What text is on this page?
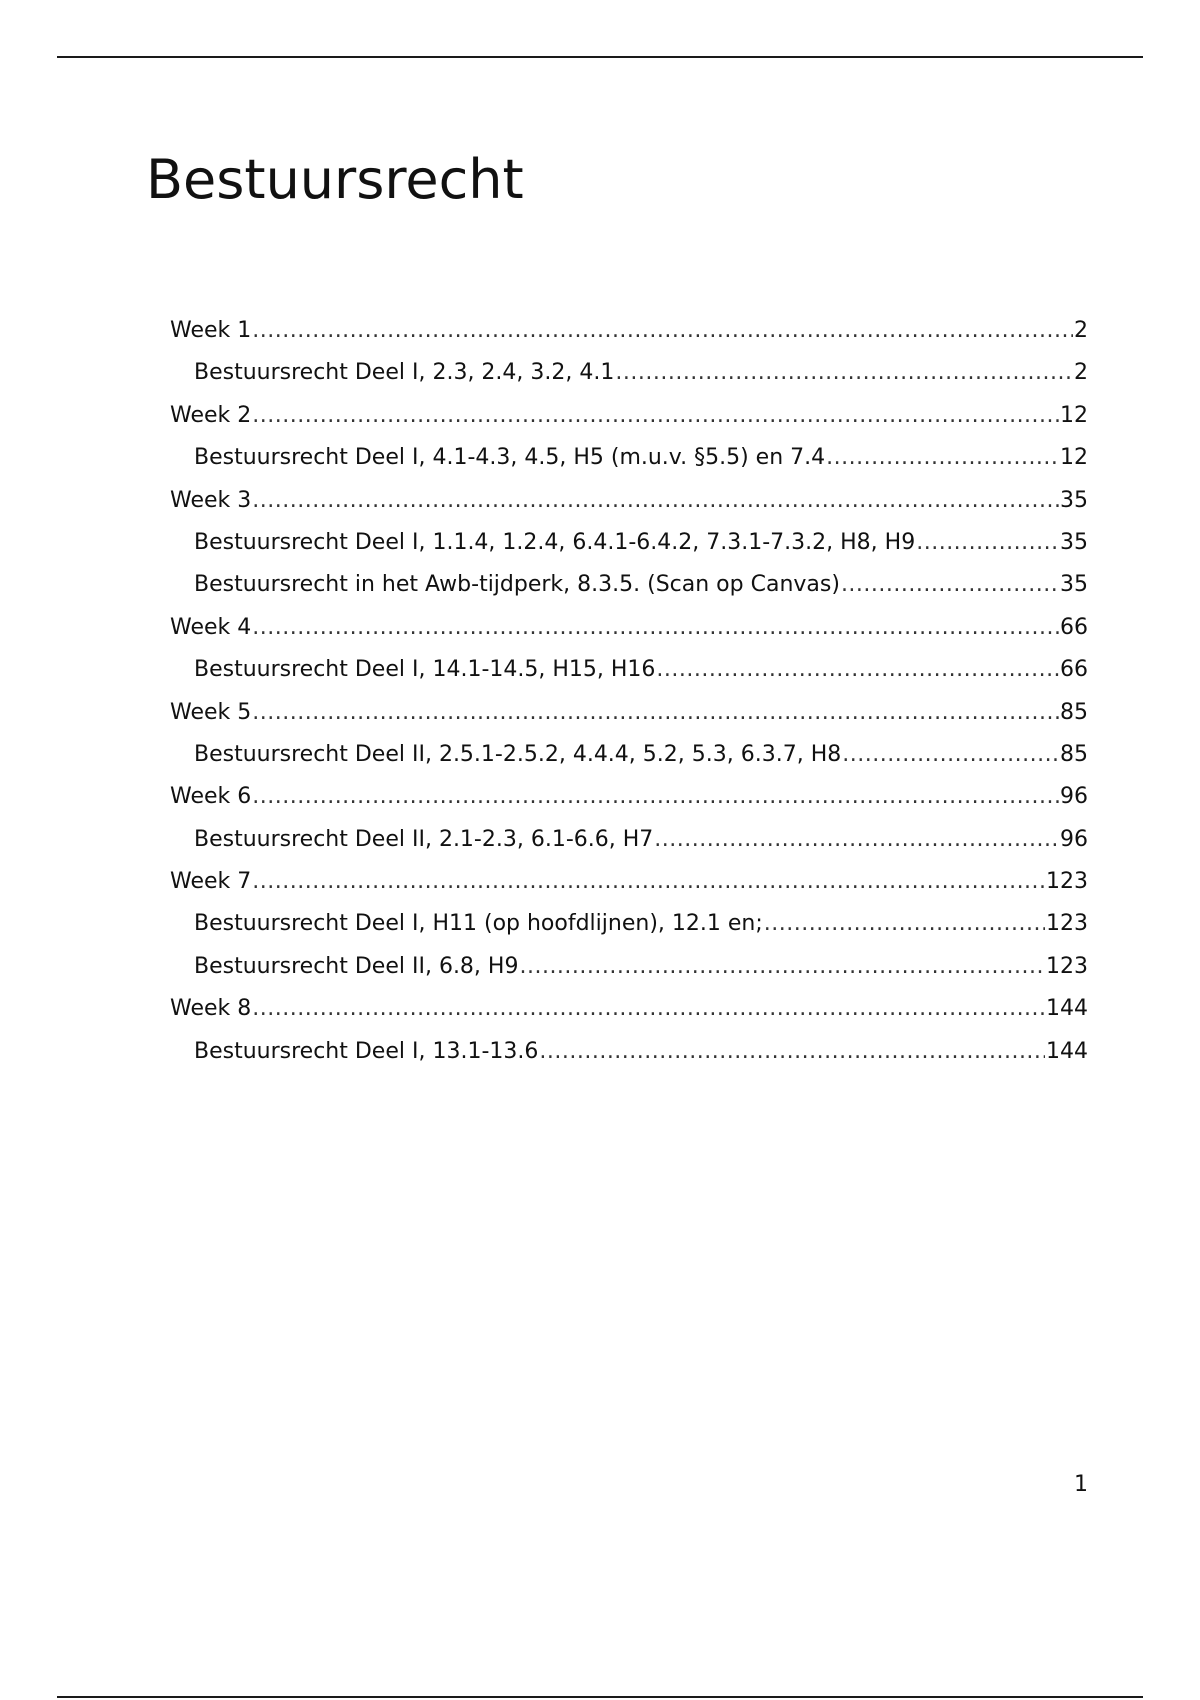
Bestuursrecht
Week 1 .....	2
Bestuursrecht Deel I, 2.3, 2.4, 3.2, 4.1 .....	2
Week 2 .....	12
Bestuursrecht Deel I, 4.1-4.3, 4.5, H5 (m.u.v. §5.5) en 7.4 .....	12
Week 3 .....	35
Bestuursrecht Deel I, 1.1.4, 1.2.4, 6.4.1-6.4.2, 7.3.1-7.3.2, H8, H9 .....	35
Bestuursrecht in het Awb-tijdperk, 8.3.5. (Scan op Canvas) .....	35
Week 4 .....	66
Bestuursrecht Deel I, 14.1-14.5, H15, H16 .....	66
Week 5 .....	85
Bestuursrecht Deel II, 2.5.1-2.5.2, 4.4.4, 5.2, 5.3, 6.3.7, H8 .....	85
Week 6 .....	96
Bestuursrecht Deel II, 2.1-2.3, 6.1-6.6, H7 .....	96
Week 7 .....	123
Bestuursrecht Deel I, H11 (op hoofdlijnen), 12.1 en; .....	123
Bestuursrecht Deel II, 6.8, H9 .....	123
Week 8 .....	144
Bestuursrecht Deel I, 13.1-13.6 .....	144
1
